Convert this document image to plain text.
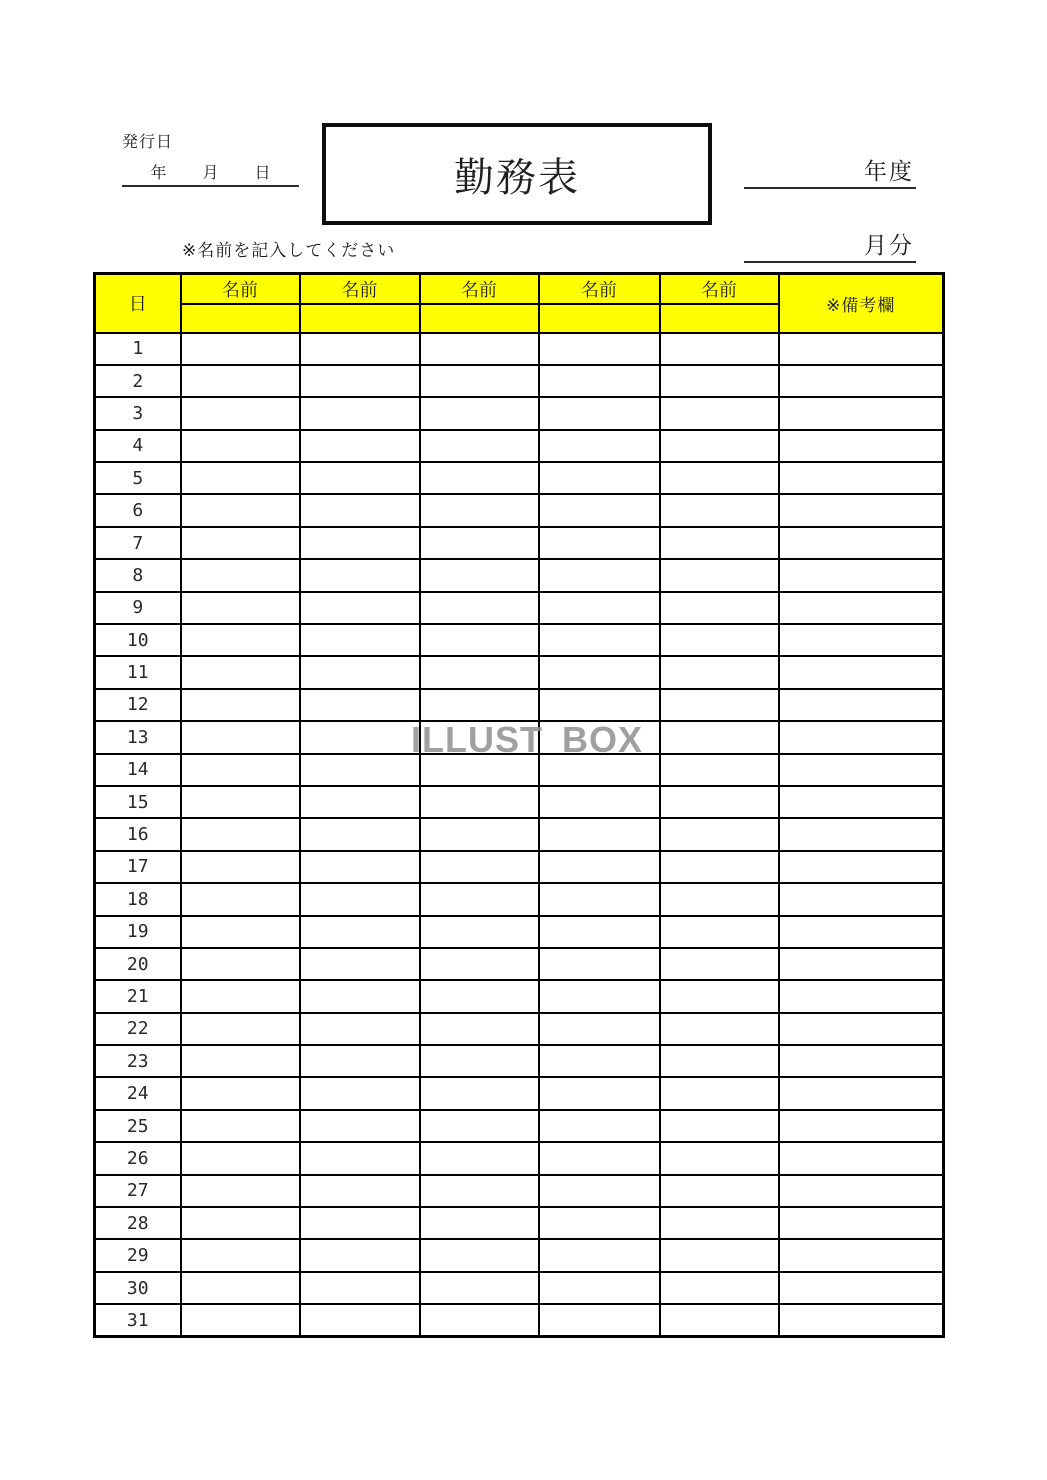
発行日
年 月 日	勤務表	年度
月分
※名前を記入してください
日	名前	名前	名前	名前	名前	※備考欄

1						
2						
3						
4						
5						
6						
7						
8						
9						
10						
11						
12						
13						
14						
15						
16						
17						
18						
19						
20						
21						
22						
23						
24						
25						
26						
27						
28						
29						
30						
31						
ILLUST BOX
